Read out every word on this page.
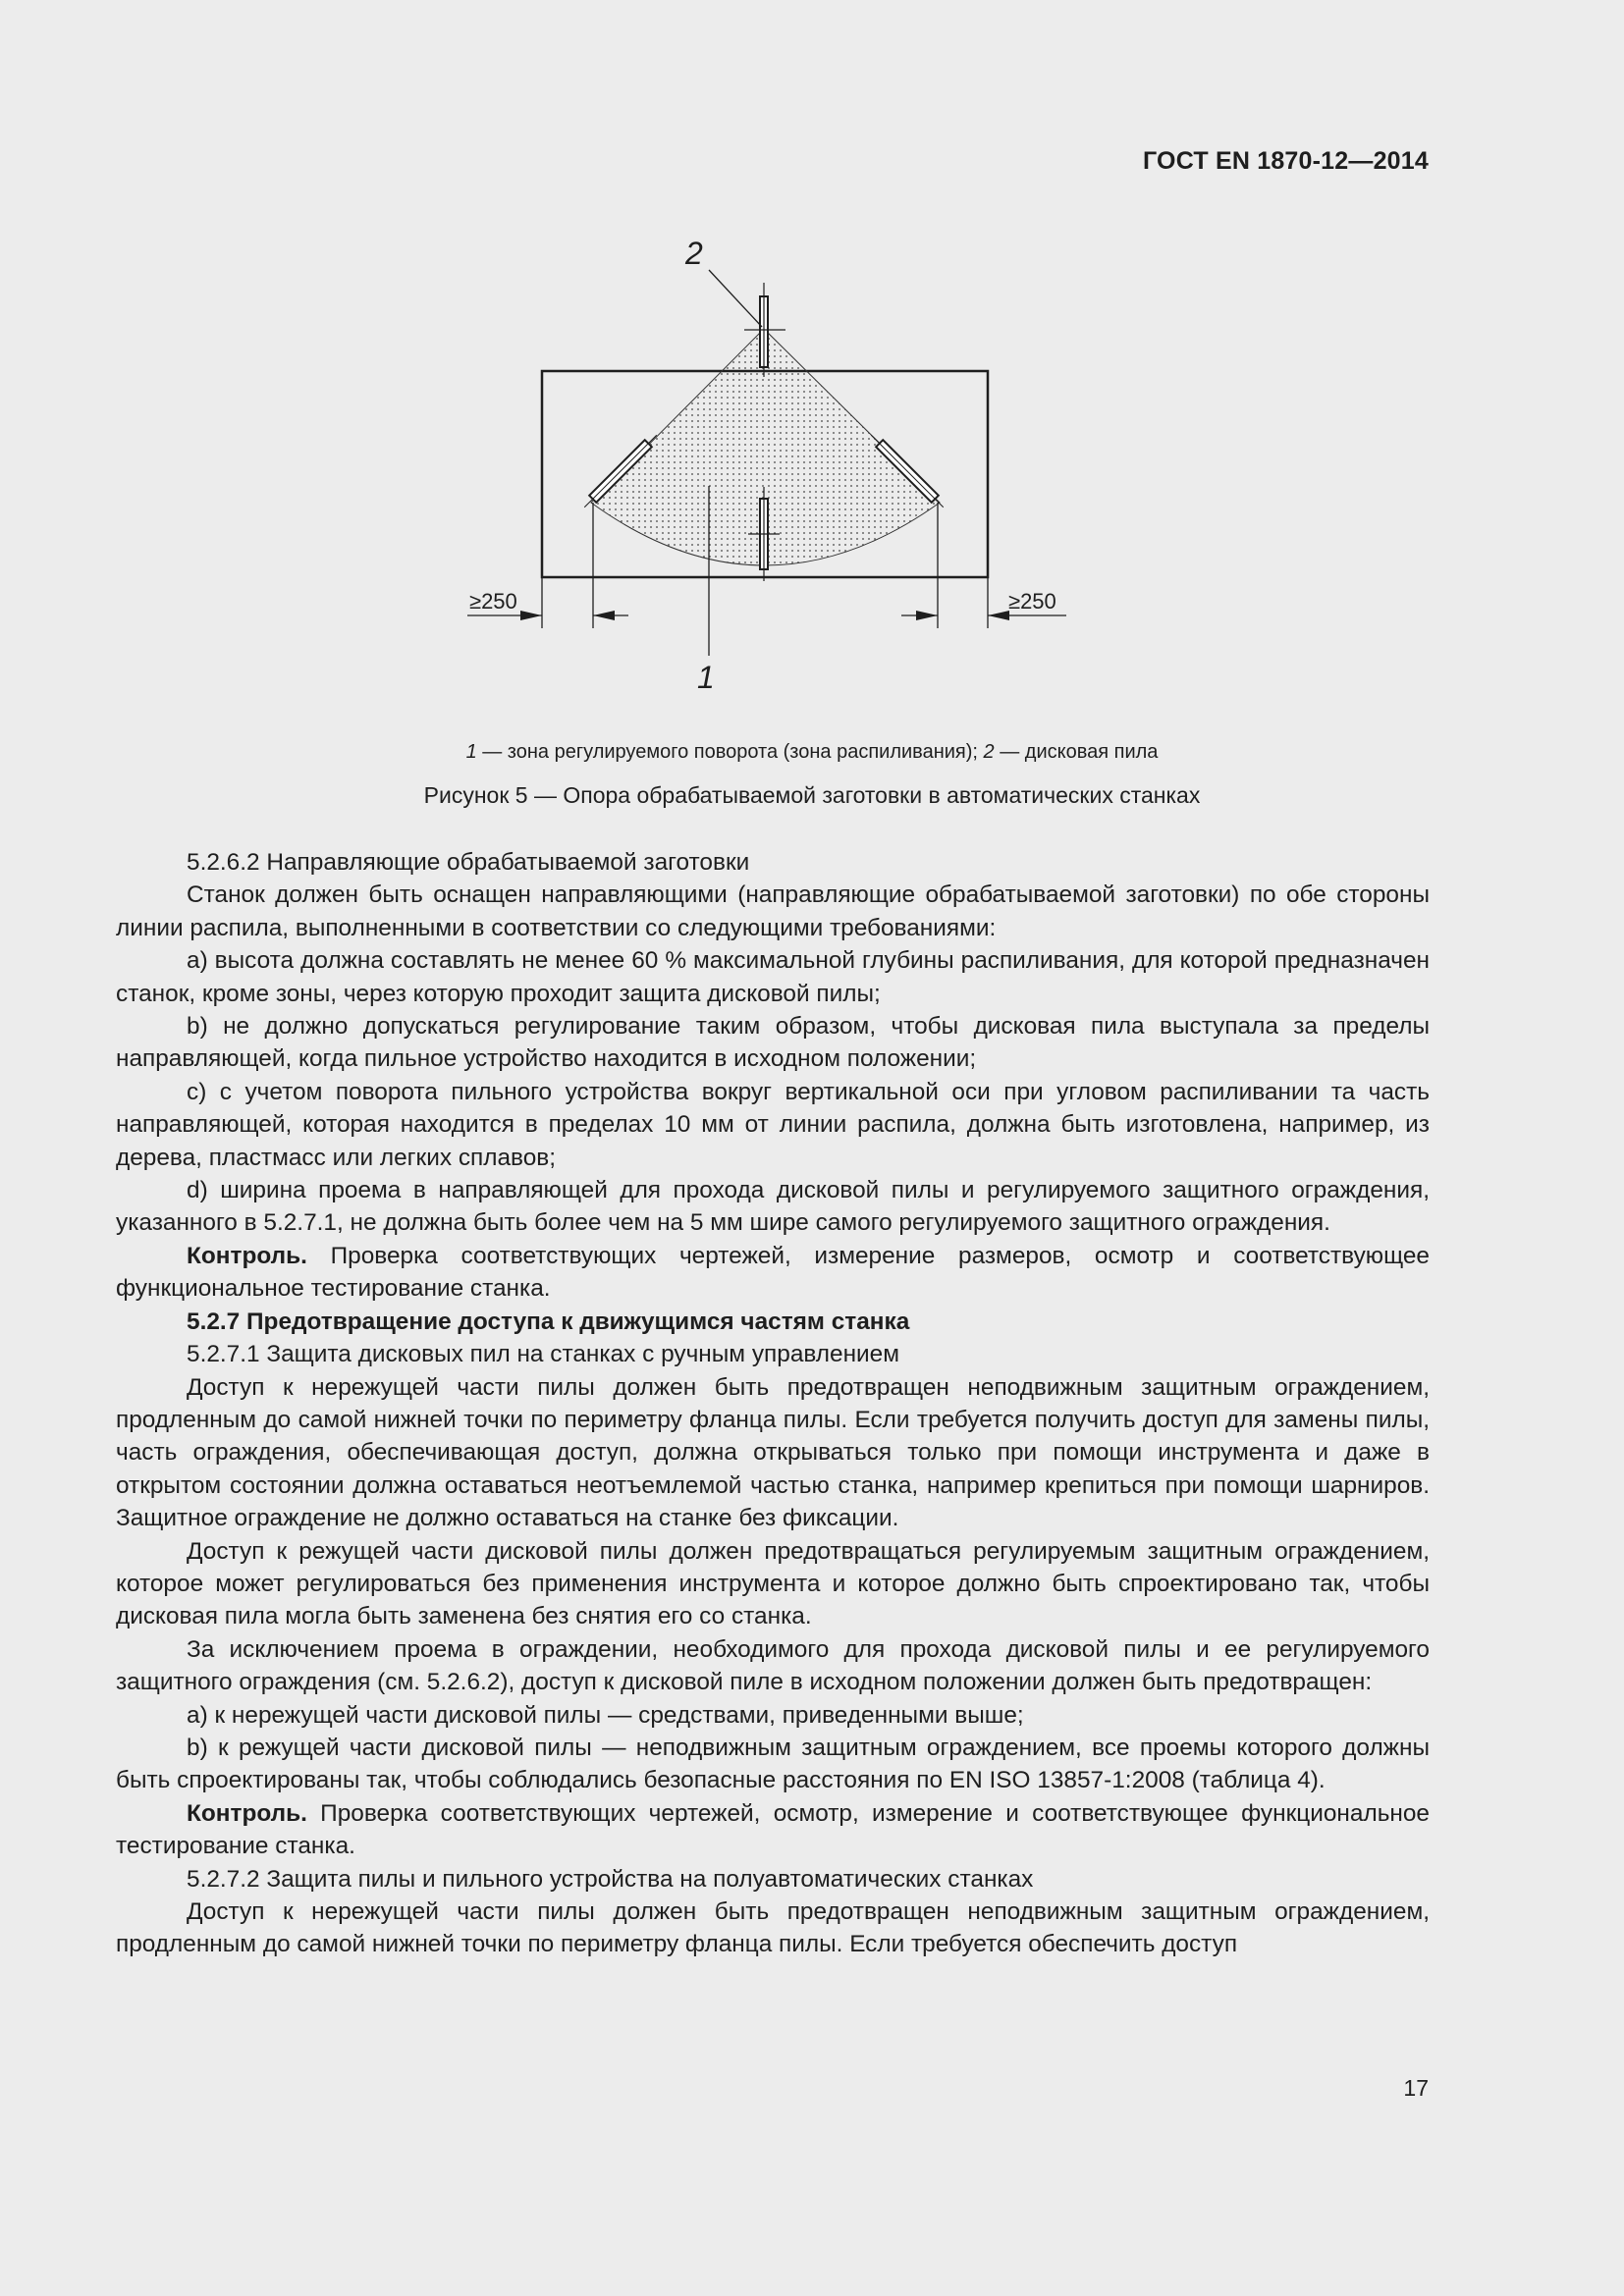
ГОСТ EN 1870-12—2014
2
1
≥250	≥250
1 — зона регулируемого поворота (зона распиливания); 2 — дисковая пила
Рисунок 5 — Опора обрабатываемой заготовки в автоматических станках

5.2.6.2 Направляющие обрабатываемой заготовки

Станок должен быть оснащен направляющими (направляющие обрабатываемой заготовки) по обе стороны линии распила, выполненными в соответствии со следующими требованиями:

а) высота должна составлять не менее 60 % максимальной глубины распиливания, для которой предназначен станок, кроме зоны, через которую проходит защита дисковой пилы;

b) не должно допускаться регулирование таким образом, чтобы дисковая пила выступала за пределы направляющей, когда пильное устройство находится в исходном положении;

с) с учетом поворота пильного устройства вокруг вертикальной оси при угловом распиливании та часть направляющей, которая находится в пределах 10 мм от линии распила, должна быть изготовлена, например, из дерева, пластмасс или легких сплавов;

d) ширина проема в направляющей для прохода дисковой пилы и регулируемого защитного ограждения, указанного в 5.2.7.1, не должна быть более чем на 5 мм шире самого регулируемого защитного ограждения.

Контроль. Проверка соответствующих чертежей, измерение размеров, осмотр и соответствующее функциональное тестирование станка.

5.2.7 Предотвращение доступа к движущимся частям станка

5.2.7.1 Защита дисковых пил на станках с ручным управлением

Доступ к нережущей части пилы должен быть предотвращен неподвижным защитным ограждением, продленным до самой нижней точки по периметру фланца пилы. Если требуется получить доступ для замены пилы, часть ограждения, обеспечивающая доступ, должна открываться только при помощи инструмента и даже в открытом состоянии должна оставаться неотъемлемой частью станка, например крепиться при помощи шарниров. Защитное ограждение не должно оставаться на станке без фиксации.

Доступ к режущей части дисковой пилы должен предотвращаться регулируемым защитным ограждением, которое может регулироваться без применения инструмента и которое должно быть спроектировано так, чтобы дисковая пила могла быть заменена без снятия его со станка.

За исключением проема в ограждении, необходимого для прохода дисковой пилы и ее регулируемого защитного ограждения (см. 5.2.6.2), доступ к дисковой пиле в исходном положении должен быть предотвращен:

а) к нережущей части дисковой пилы — средствами, приведенными выше;

b) к режущей части дисковой пилы — неподвижным защитным ограждением, все проемы которого должны быть спроектированы так, чтобы соблюдались безопасные расстояния по EN ISO 13857-1:2008 (таблица 4).

Контроль. Проверка соответствующих чертежей, осмотр, измерение и соответствующее функциональное тестирование станка.

5.2.7.2 Защита пилы и пильного устройства на полуавтоматических станках

Доступ к нережущей части пилы должен быть предотвращен неподвижным защитным ограждением, продленным до самой нижней точки по периметру фланца пилы. Если требуется обеспечить доступ

17
